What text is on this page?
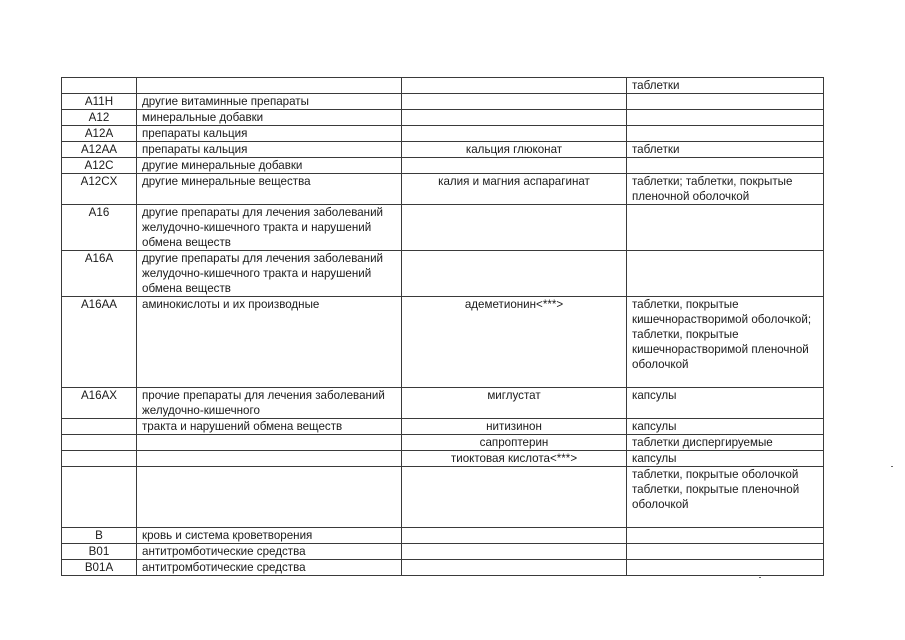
			таблетки
A11H	другие витаминные препараты		
A12	минеральные добавки		
A12A	препараты кальция		
A12AA	препараты кальция	кальция глюконат	таблетки
A12C	другие минеральные добавки		
A12CX	другие минеральные вещества	калия и магния аспарагинат	таблетки; таблетки, покрытые пленочной оболочкой
A16	другие препараты для лечения заболеваний желудочно-кишечного тракта и нарушений обмена веществ		
A16A	другие препараты для лечения заболеваний желудочно-кишечного тракта и нарушений обмена веществ		
A16AA	аминокислоты и их производные	адеметионин<***>	таблетки, покрытые кишечнорастворимой оболочкой; таблетки, покрытые кишечнорастворимой пленочной оболочкой
A16AX	прочие препараты для лечения заболеваний желудочно-кишечного	миглустат	капсулы
	тракта и нарушений обмена веществ	нитизинон	капсулы
		сапроптерин	таблетки диспергируемые
		тиоктовая кислота<***>	капсулы
			таблетки, покрытые оболочкой таблетки, покрытые пленочной оболочкой
B	кровь и система кроветворения		
B01	антитромботические средства		
B01A	антитромботические средства		
